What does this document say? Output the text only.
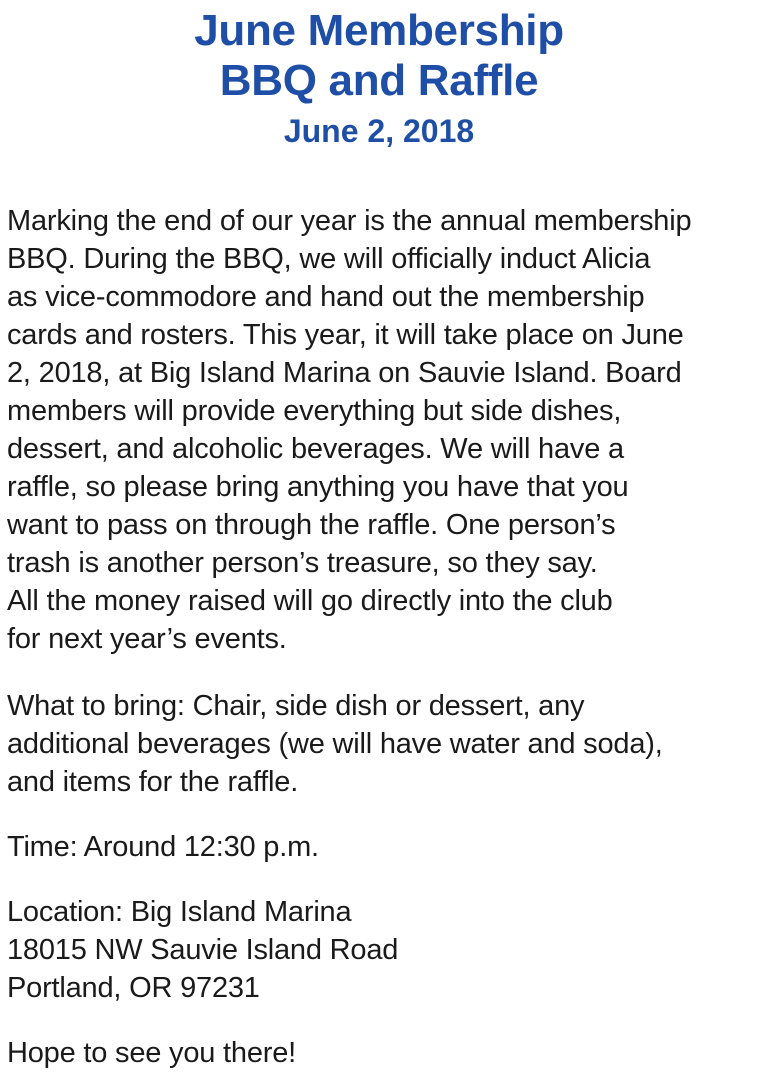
June Membership
BBQ and Raffle
June 2, 2018
Marking the end of our year is the annual membership
BBQ. During the BBQ, we will officially induct Alicia
as vice-commodore and hand out the membership
cards and rosters. This year, it will take place on June
2, 2018, at Big Island Marina on Sauvie Island. Board
members will provide everything but side dishes,
dessert, and alcoholic beverages. We will have a
raffle, so please bring anything you have that you
want to pass on through the raffle. One person’s
trash is another person’s treasure, so they say.
All the money raised will go directly into the club
for next year’s events.
What to bring: Chair, side dish or dessert, any
additional beverages (we will have water and soda),
and items for the raffle.
Time: Around 12:30 p.m.
Location: Big Island Marina
18015 NW Sauvie Island Road
Portland, OR 97231
Hope to see you there!
